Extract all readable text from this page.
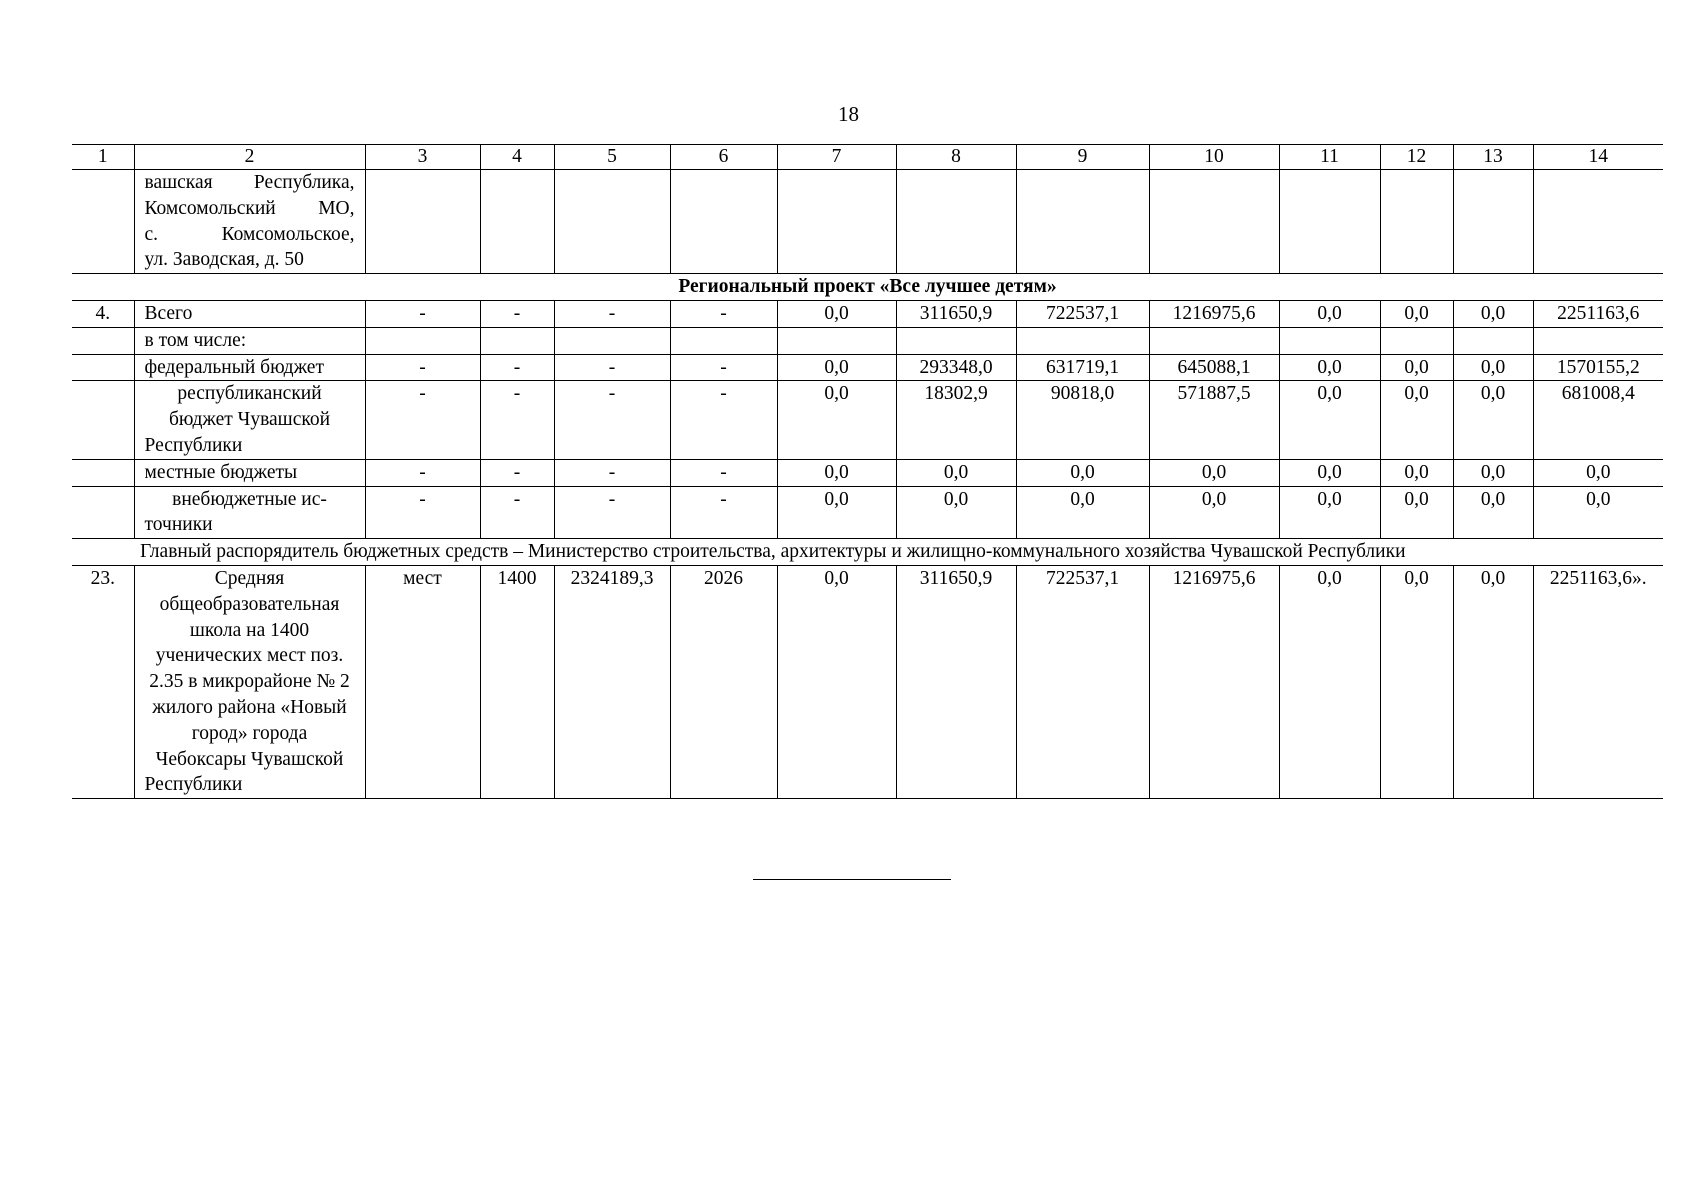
18
1	2	3	4	5	6	7	8	9	10	11	12	13	14

	вашская Республика,
Комсомольский МО,
с. Комсомольское,
ул. Заводская, д. 50												

Региональный проект «Все лучшее детям»													
4.	Всего	-	-	-	-	0,0	311650,9	722537,1	1216975,6	0,0	0,0	0,0	2251163,6
	в том числе:												
	федеральный бюджет	-	-	-	-	0,0	293348,0	631719,1	645088,1	0,0	0,0	0,0	1570155,2
	республиканский бюджет Чувашской Республики	-	-	-	-	0,0	18302,9	90818,0	571887,5	0,0	0,0	0,0	681008,4
	местные бюджеты	-	-	-	-	0,0	0,0	0,0	0,0	0,0	0,0	0,0	0,0
	внебюджетные ис-точники	-	-	-	-	0,0	0,0	0,0	0,0	0,0	0,0	0,0	0,0
Главный распорядитель бюджетных средств – Министерство строительства, архитектуры и жилищно-коммунального хозяйства Чувашской Республики													
23.	Средняя общеобразовательная школа на 1400 ученических мест поз. 2.35 в микрорайоне № 2 жилого района «Новый город» города Чебоксары Чувашской Республики	мест	1400	2324189,3	2026	0,0	311650,9	722537,1	1216975,6	0,0	0,0	0,0	2251163,6».
